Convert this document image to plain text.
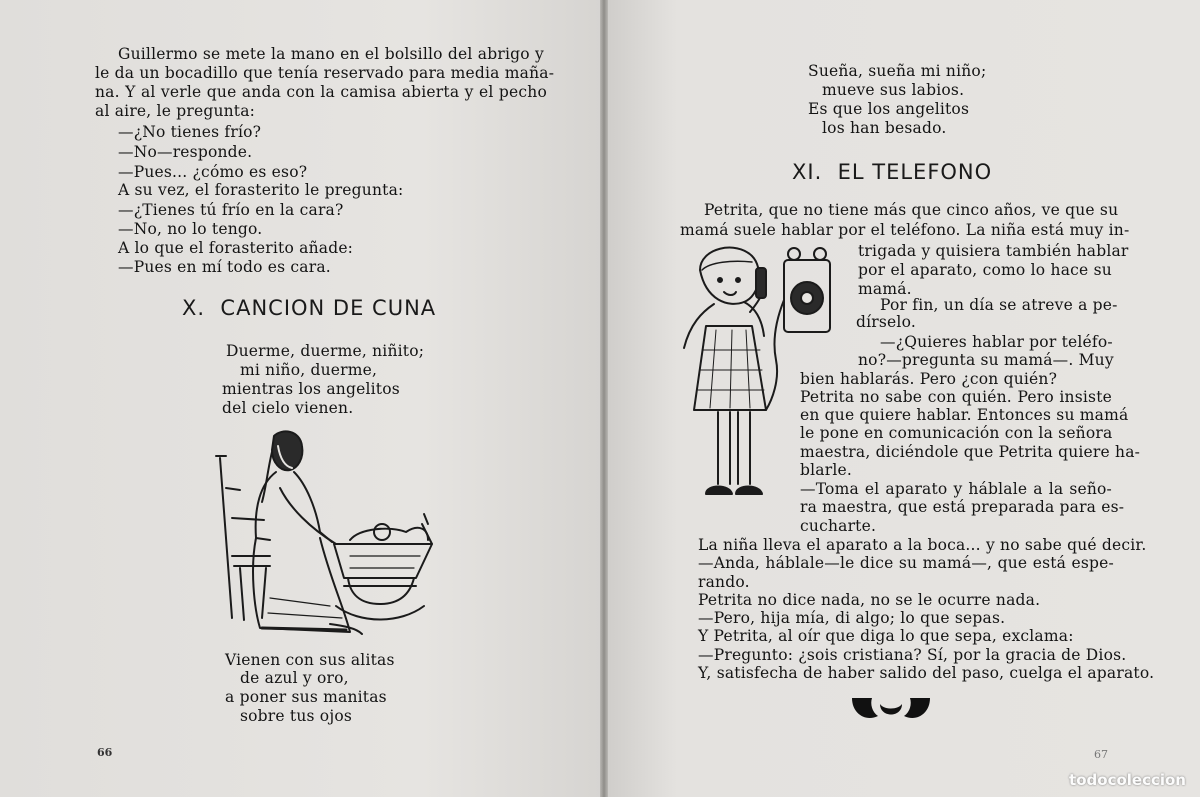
Guillermo se mete la mano en el bolsillo del abrigo y
le da un bocadillo que tenía reservado para media maña-
na. Y al verle que anda con la camisa abierta y el pecho
al aire, le pregunta:
—¿No tienes frío?
—No—responde.
—Pues... ¿cómo es eso?
A su vez, el forasterito le pregunta:
—¿Tienes tú frío en la cara?
—No, no lo tengo.
A lo que el forasterito añade:
—Pues en mí todo es cara.
X.  CANCION DE CUNA
Duerme, duerme, niñito;
mi niño, duerme,
mientras los angelitos
del cielo vienen.
Vienen con sus alitas
de azul y oro,
a poner sus manitas
sobre tus ojos
66
Sueña, sueña mi niño;
mueve sus labios.
Es que los angelitos
los han besado.
XI.  EL TELEFONO
Petrita, que no tiene más que cinco años, ve que su
mamá suele hablar por el teléfono. La niña está muy in-
trigada y quisiera también hablar
por el aparato, como lo hace su
mamá.
Por fin, un día se atreve a pe-
dírselo.
—¿Quieres hablar por teléfo-
no?—pregunta su mamá—. Muy
bien hablarás. Pero ¿con quién?
Petrita no sabe con quién. Pero insiste
en que quiere hablar. Entonces su mamá
le pone en comunicación con la señora
maestra, diciéndole que Petrita quiere ha-
blarle.
—Toma el aparato y háblale a la seño-
ra maestra, que está preparada para es-
cucharte.
La niña lleva el aparato a la boca... y no sabe qué decir.
—Anda, háblale—le dice su mamá—, que está espe-
rando.
Petrita no dice nada, no se le ocurre nada.
—Pero, hija mía, di algo; lo que sepas.
Y Petrita, al oír que diga lo que sepa, exclama:
—Pregunto: ¿sois cristiana? Sí, por la gracia de Dios.
Y, satisfecha de haber salido del paso, cuelga el aparato.
67
todocoleccion
